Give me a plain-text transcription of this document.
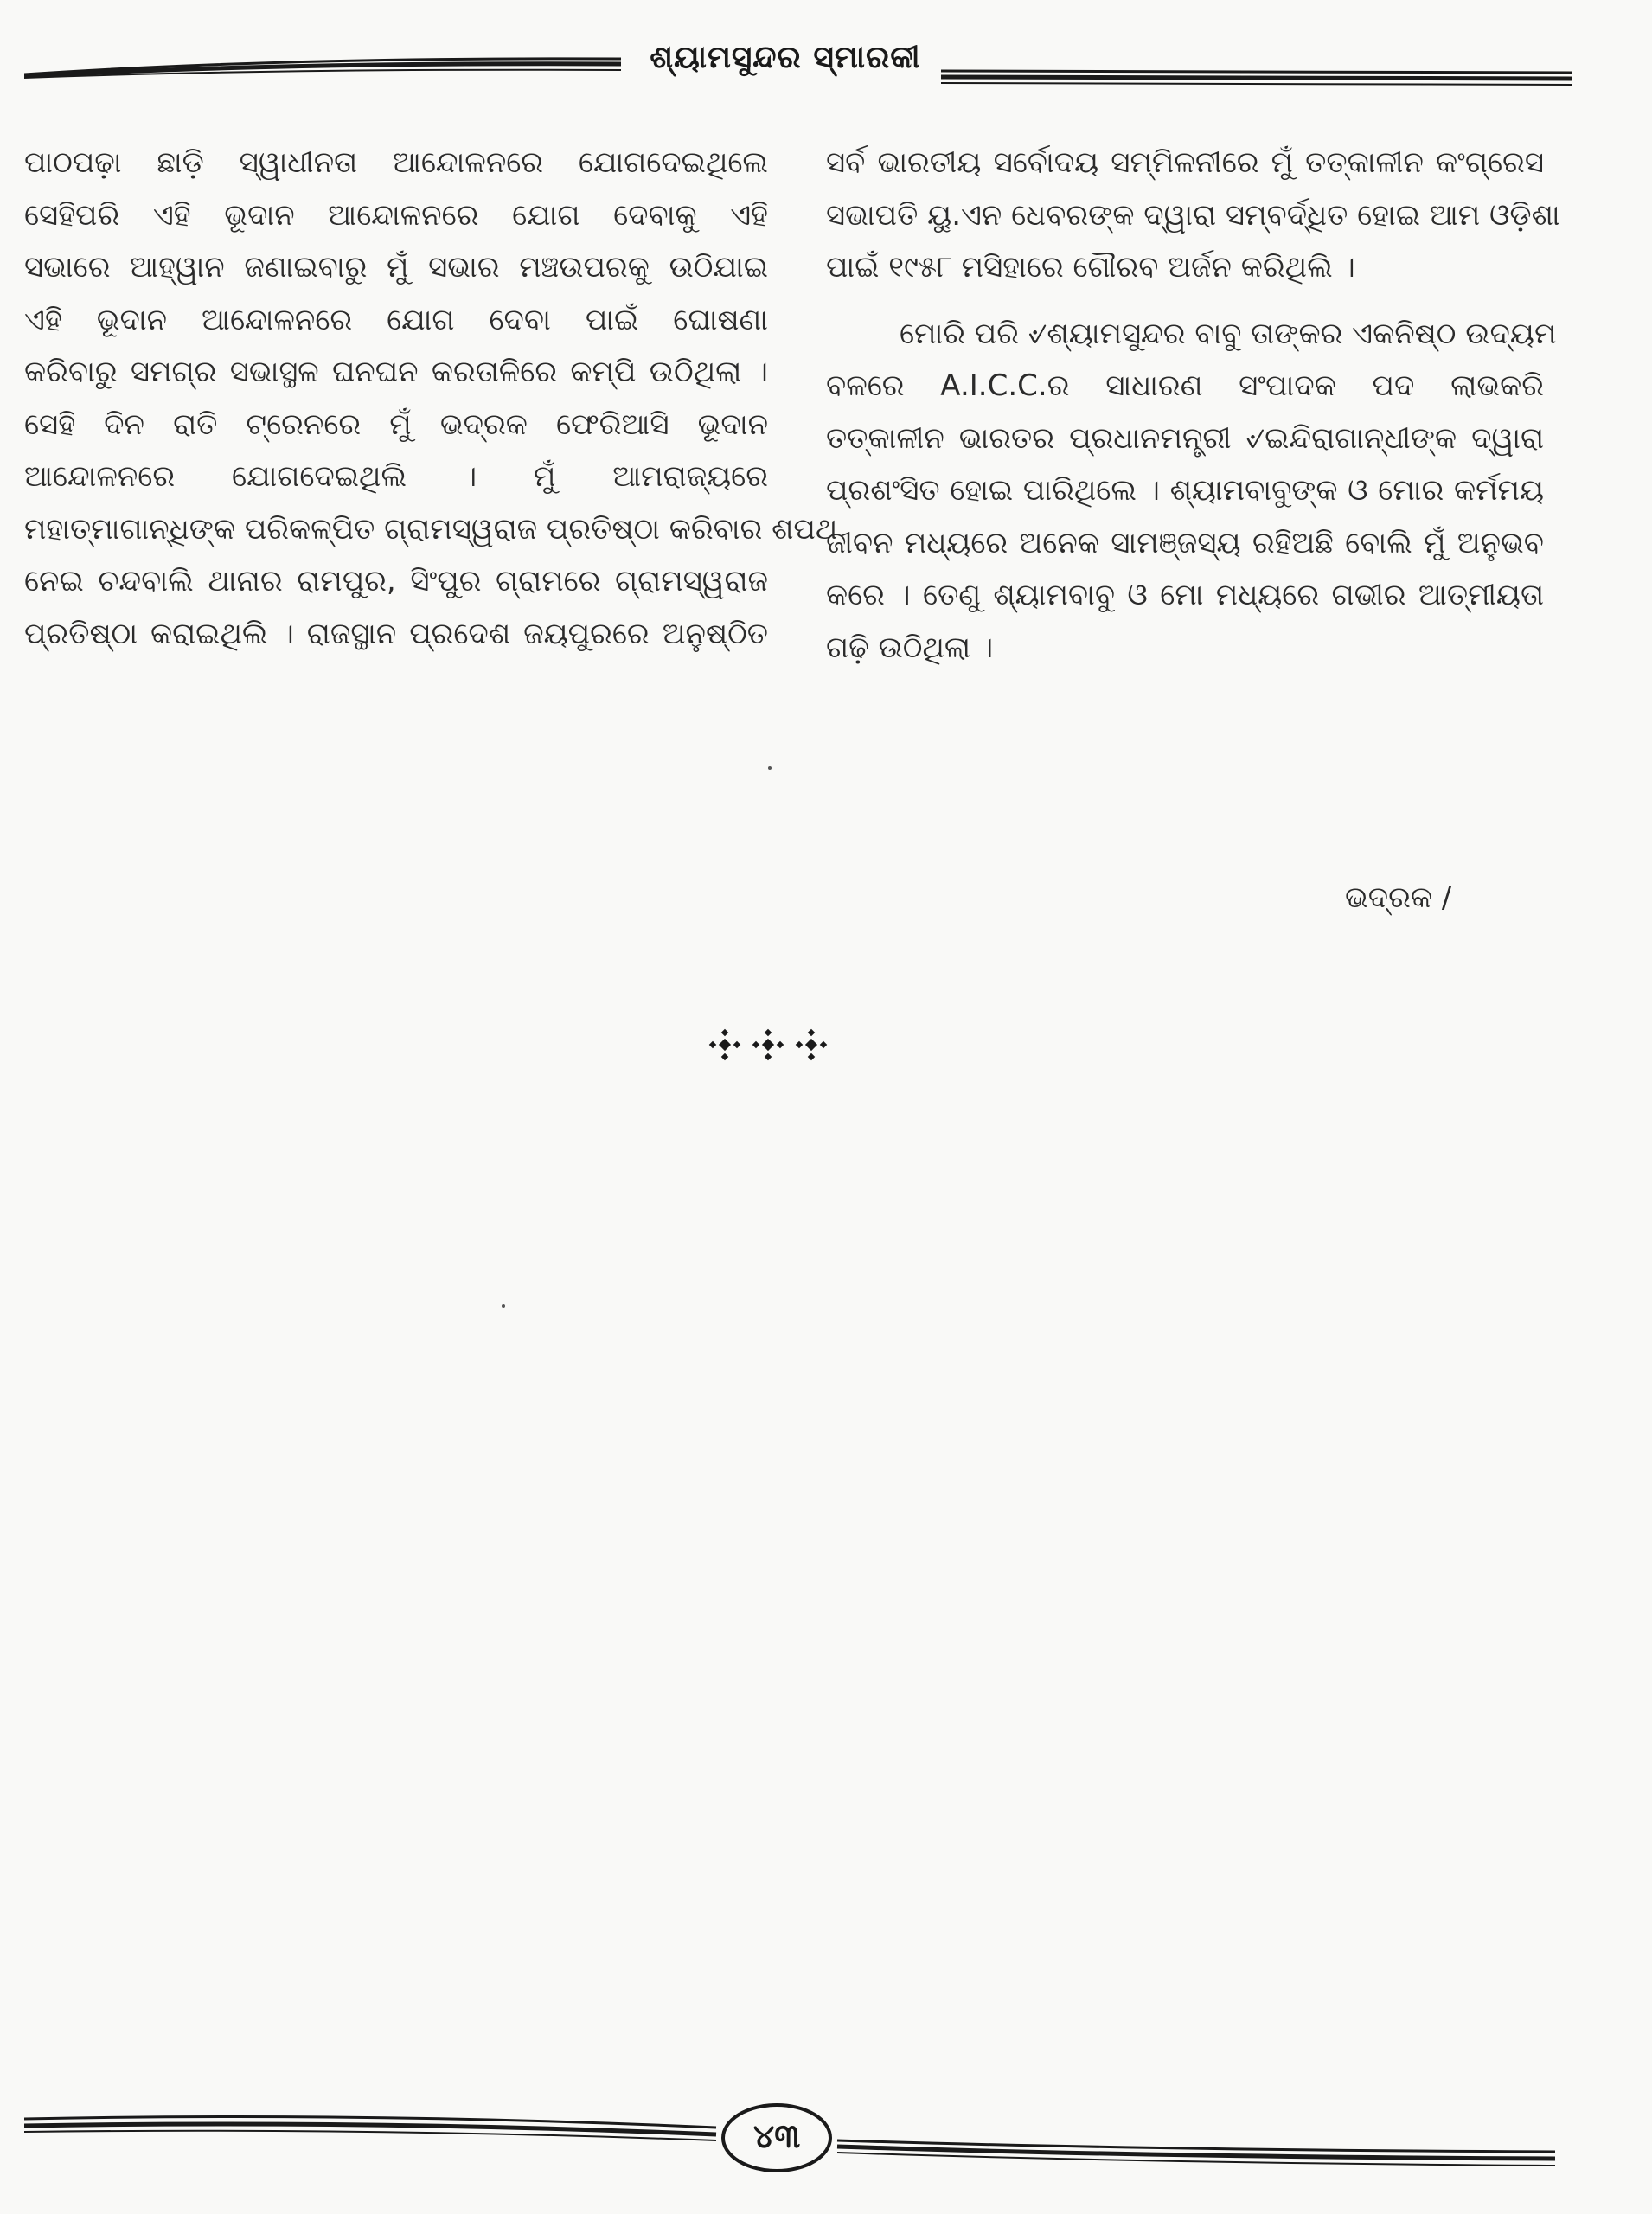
ଶ୍ୟାମସୁନ୍ଦର ସ୍ମାରକୀ
ପାଠପଢ଼ା ଛାଡ଼ି ସ୍ୱାଧୀନତା ଆନ୍ଦୋଳନରେ ଯୋଗଦେଇଥିଲେ
ସେହିପରି ଏହି ଭୂଦାନ ଆନ୍ଦୋଳନରେ ଯୋଗ ଦେବାକୁ ଏହି
ସଭାରେ ଆହ୍ୱାନ ଜଣାଇବାରୁ ମୁଁ ସଭାର ମଞ୍ଚଉପରକୁ ଉଠିଯାଇ
ଏହି ଭୂଦାନ ଆନ୍ଦୋଳନରେ ଯୋଗ ଦେବା ପାଇଁ ଘୋଷଣା
କରିବାରୁ ସମଗ୍ର ସଭାସ୍ଥଳ ଘନଘନ କରତାଳିରେ କମ୍ପି ଉଠିଥିଲା ।
ସେହି ଦିନ ରାତି ଟ୍ରେନରେ ମୁଁ ଭଦ୍ରକ ଫେରିଆସି ଭୂଦାନ
ଆନ୍ଦୋଳନରେ ଯୋଗଦେଇଥିଲି । ମୁଁ ଆମରାଜ୍ୟରେ
ମହାତ୍ମାଗାନ୍ଧିଙ୍କ ପରିକଳ୍ପିତ ଗ୍ରାମସ୍ୱରାଜ ପ୍ରତିଷ୍ଠା କରିବାର ଶପଥ
ନେଇ ଚନ୍ଦବାଲି ଥାନାର ରାମପୁର, ସିଂପୁର ଗ୍ରାମରେ ଗ୍ରାମସ୍ୱରାଜ
ପ୍ରତିଷ୍ଠା କରାଇଥିଲି । ରାଜସ୍ଥାନ ପ୍ରଦେଶ ଜୟପୁରରେ ଅନୁଷ୍ଠିତ
ସର୍ବ ଭାରତୀୟ ସର୍ବୋଦୟ ସମ୍ମିଳନୀରେ ମୁଁ ତତ୍କାଳୀନ କଂଗ୍ରେସ
ସଭାପତି ୟୁ.ଏନ ଧେବରଙ୍କ ଦ୍ୱାରା ସମ୍ବର୍ଦ୍ଧିତ ହୋଇ ଆମ ଓଡ଼ିଶା
ପାଇଁ ୧୯୫୮ ମସିହାରେ ଗୌରବ ଅର୍ଜନ କରିଥିଲି ।
ମୋରି ପରି ୰ଶ୍ୟାମସୁନ୍ଦର ବାବୁ ତାଙ୍କର ଏକନିଷ୍ଠ ଉଦ୍ୟମ
ବଳରେ A.I.C.C.ର ସାଧାରଣ ସଂପାଦକ ପଦ ଲାଭକରି
ତତ୍କାଳୀନ ଭାରତର ପ୍ରଧାନମନ୍ତ୍ରୀ ୰ଇନ୍ଦିରାଗାନ୍ଧୀଙ୍କ ଦ୍ୱାରା
ପ୍ରଶଂସିତ ହୋଇ ପାରିଥିଲେ । ଶ୍ୟାମବାବୁଙ୍କ ଓ ମୋର କର୍ମମୟ
ଜୀବନ ମଧ୍ୟରେ ଅନେକ ସାମଞ୍ଜସ୍ୟ ରହିଅଛି ବୋଲି ମୁଁ ଅନୁଭବ
କରେ । ତେଣୁ ଶ୍ୟାମବାବୁ ଓ ମୋ ମଧ୍ୟରେ ଗଭୀର ଆତ୍ମୀୟତା
ଗଢ଼ି ଉଠିଥିଲା ।
ଭଦ୍ରକ /
୪୩
